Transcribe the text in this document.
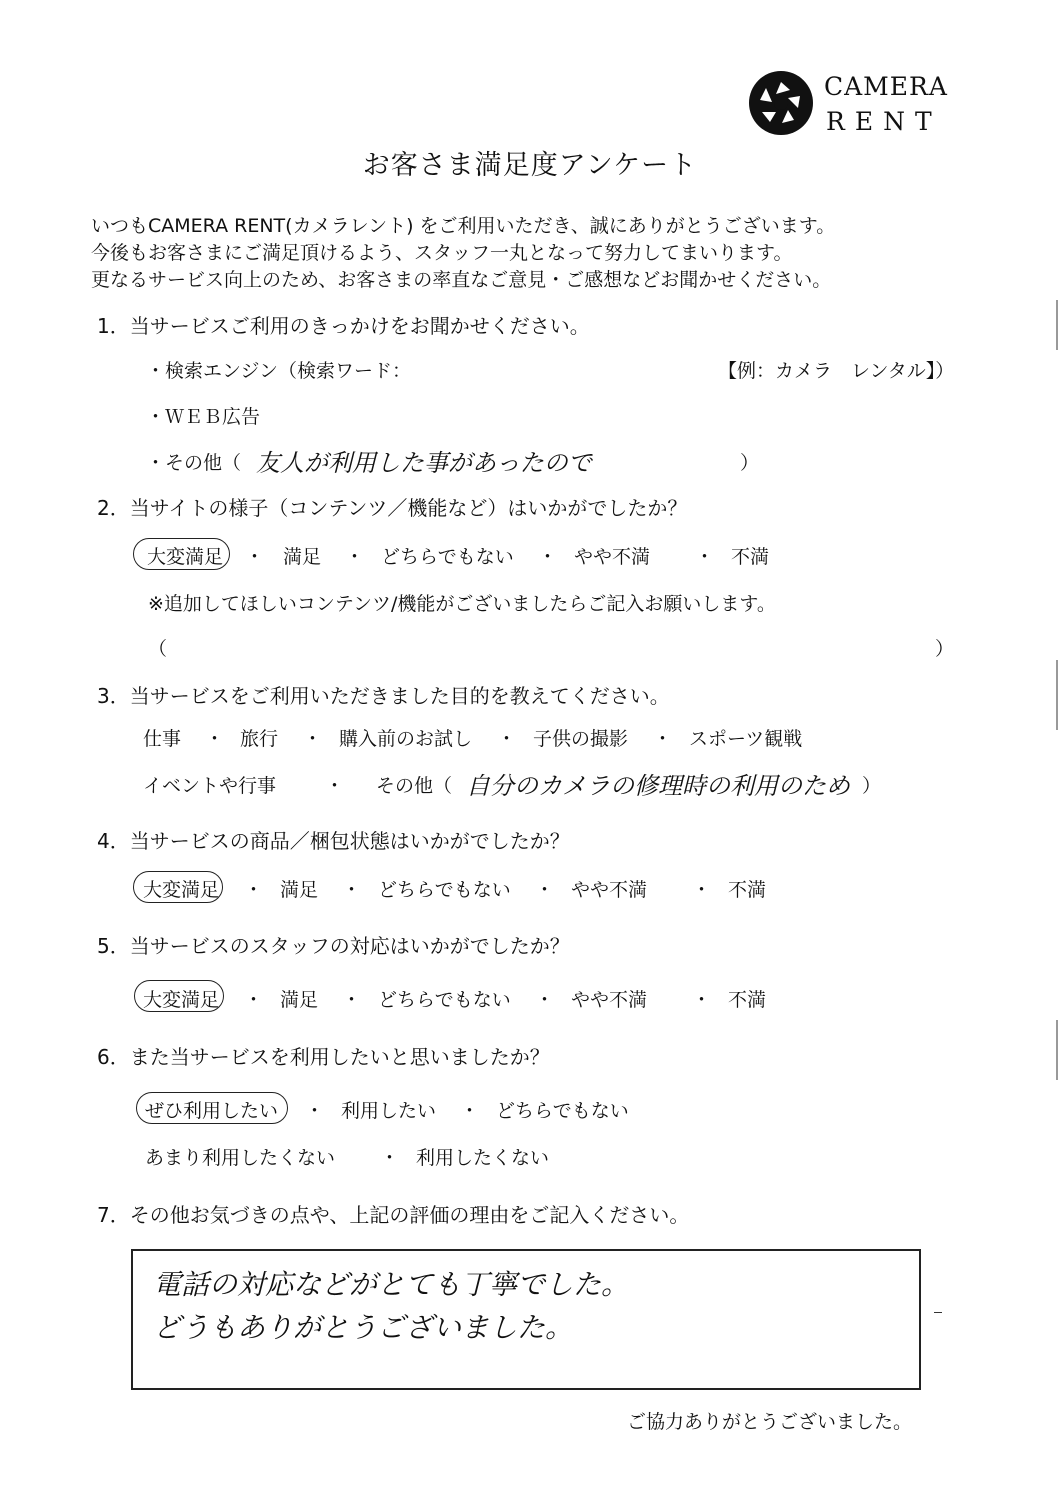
CAMERA
RENT
お客さま満足度アンケート
いつもCAMERA RENT(カメラレント) をご利用いただき、誠にありがとうございます。
今後もお客さまにご満足頂けるよう、スタッフ一丸となって努力してまいります。
更なるサービス向上のため、お客さまの率直なご意見・ご感想などお聞かせください。
1．当サービスご利用のきっかけをお聞かせください。
・検索エンジン（検索ワード：	【例：カメラ　レンタル】）
・ＷＥＢ広告
・その他（ 友人が利用した事があったので	）
2．当サイトの様子（コンテンツ／機能など）はいかがでしたか？
大変満足 ・ 満足 ・ どちらでもない ・ やや不満 ・ 不満
※追加してほしいコンテンツ/機能がございましたらご記入お願いします。
（	）
3．当サービスをご利用いただきました目的を教えてください。
仕事 ・ 旅行 ・ 購入前のお試し ・ 子供の撮影 ・ スポーツ観戦
イベントや行事	・ その他（ 自分のカメラの修理時の利用のため ）
4．当サービスの商品／梱包状態はいかがでしたか？
大変満足 ・ 満足 ・ どちらでもない ・ やや不満 ・ 不満
5．当サービスのスタッフの対応はいかがでしたか？
大変満足 ・ 満足 ・ どちらでもない ・ やや不満 ・ 不満
6．また当サービスを利用したいと思いましたか？
ぜひ利用したい ・ 利用したい ・ どちらでもない
あまり利用したくない ・ 利用したくない
7．その他お気づきの点や、上記の評価の理由をご記入ください。
電話の対応などがとても丁寧でした。
どうもありがとうございました。
ご協力ありがとうございました。
